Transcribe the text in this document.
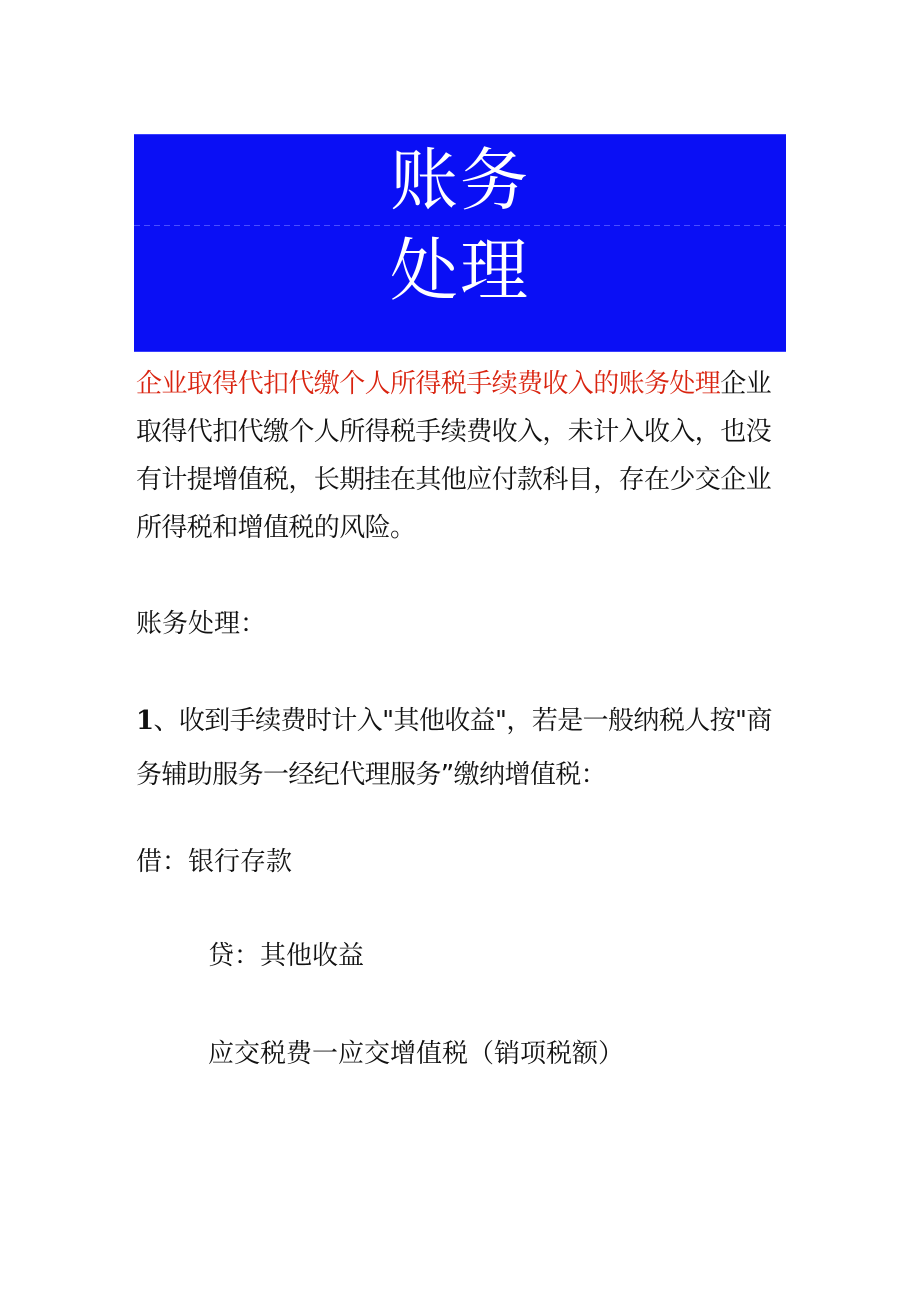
账务
处理
企业取得代扣代缴个人所得税手续费收入的账务处理企业取得代扣代缴个人所得税手续费收入，未计入收入，也没有计提增值税，长期挂在其他应付款科目，存在少交企业所得税和增值税的风险。
账务处理：
1、收到手续费时计入"其他收益"，若是一般纳税人按"商务辅助服务一经纪代理服务”缴纳增值税：
借：银行存款
贷：其他收益
应交税费一应交增值税（销项税额）
